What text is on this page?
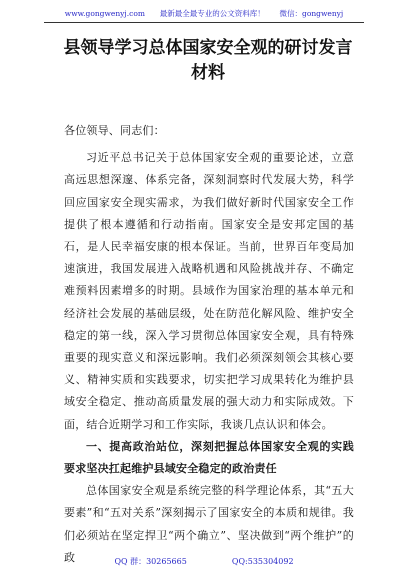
www.gongwenyj.com 最新最全最专业的公文资料库！ 微信：gongwenyj
县领导学习总体国家安全观的研讨发言材料

各位领导、同志们：

习近平总书记关于总体国家安全观的重要论述，立意高远思想深邃、体系完备，深刻洞察时代发展大势，科学回应国家安全现实需求，为我们做好新时代国家安全工作提供了根本遵循和行动指南。国家安全是安邦定国的基石，是人民幸福安康的根本保证。当前，世界百年变局加速演进，我国发展进入战略机遇和风险挑战并存、不确定难预料因素增多的时期。县域作为国家治理的基本单元和经济社会发展的基础层级，处在防范化解风险、维护安全稳定的第一线，深入学习贯彻总体国家安全观，具有特殊重要的现实意义和深远影响。我们必须深刻领会其核心要义、精神实质和实践要求，切实把学习成果转化为维护县域安全稳定、推动高质量发展的强大动力和实际成效。下面，结合近期学习和工作实际，我谈几点认识和体会。

一、提高政治站位，深刻把握总体国家安全观的实践要求坚决扛起维护县域安全稳定的政治责任

总体国家安全观是系统完整的科学理论体系，其“五大要素”和“五对关系”深刻揭示了国家安全的本质和规律。我们必须站在坚定捍卫“两个确立”、坚决做到“两个维护”的政	QQ 群：30265665	QQ:535304092
